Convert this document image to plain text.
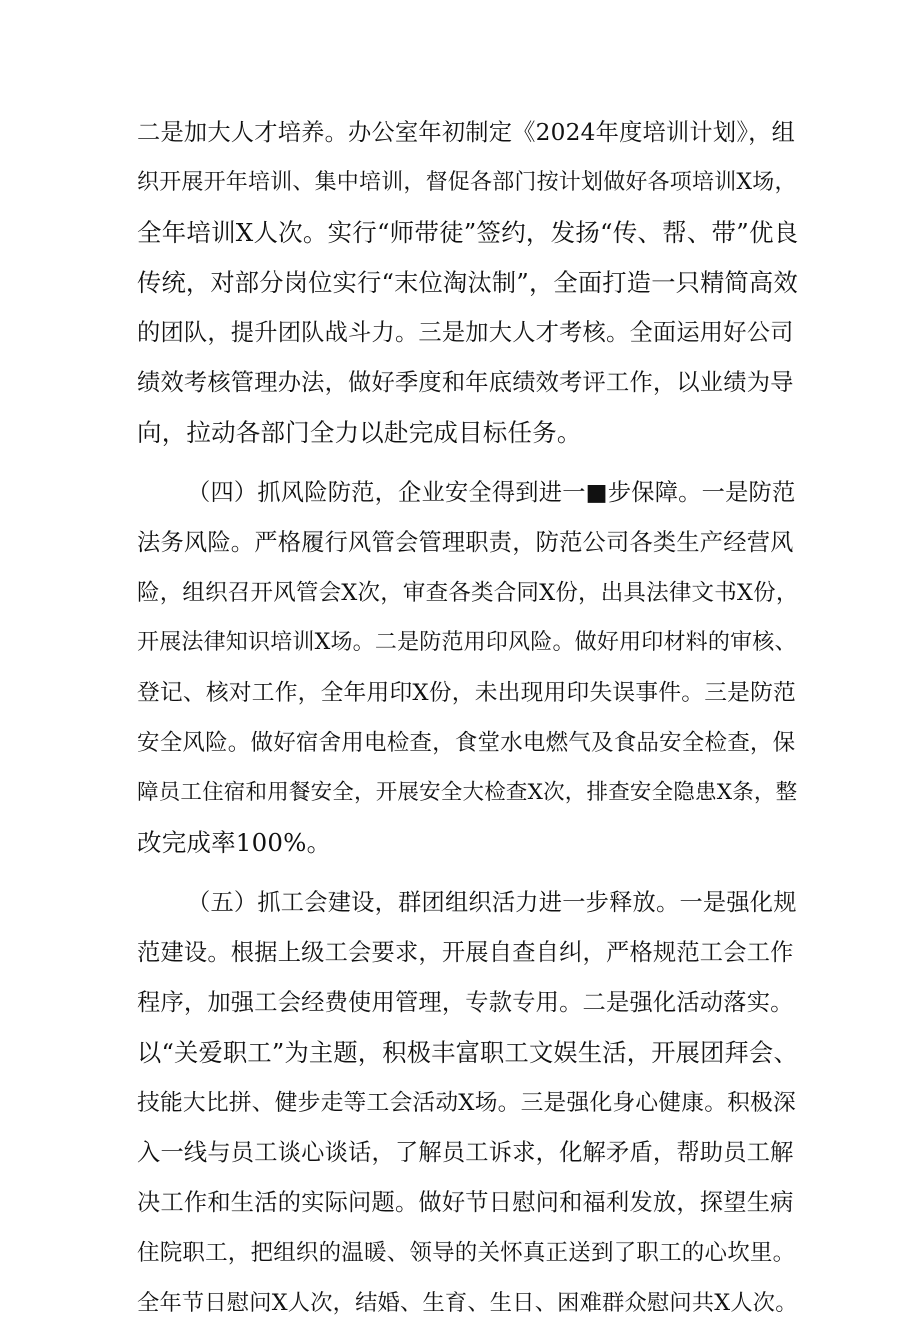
二是加大人才培养。办公室年初制定《2024年度培训计划》，组
织开展开年培训、集中培训，督促各部门按计划做好各项培训X场，
全年培训X人次。实行“师带徒”签约，发扬“传、帮、带”优良
传统，对部分岗位实行“末位淘汰制”，全面打造一只精简高效
的团队，提升团队战斗力。三是加大人才考核。全面运用好公司
绩效考核管理办法，做好季度和年底绩效考评工作，以业绩为导
向，拉动各部门全力以赴完成目标任务。
（四）抓风险防范，企业安全得到进一■步保障。一是防范
法务风险。严格履行风管会管理职责，防范公司各类生产经营风
险，组织召开风管会X次，审查各类合同X份，出具法律文书X份，
开展法律知识培训X场。二是防范用印风险。做好用印材料的审核、
登记、核对工作，全年用印X份，未出现用印失误事件。三是防范
安全风险。做好宿舍用电检查，食堂水电燃气及食品安全检查，保
障员工住宿和用餐安全，开展安全大检查X次，排查安全隐患X条，整
改完成率100%。
（五）抓工会建设，群团组织活力进一步释放。一是强化规
范建设。根据上级工会要求，开展自查自纠，严格规范工会工作
程序，加强工会经费使用管理，专款专用。二是强化活动落实。
以“关爱职工”为主题，积极丰富职工文娱生活，开展团拜会、
技能大比拼、健步走等工会活动X场。三是强化身心健康。积极深
入一线与员工谈心谈话，了解员工诉求，化解矛盾，帮助员工解
决工作和生活的实际问题。做好节日慰问和福利发放，探望生病
住院职工，把组织的温暖、领导的关怀真正送到了职工的心坎里。
全年节日慰问X人次，结婚、生育、生日、困难群众慰问共X人次。
